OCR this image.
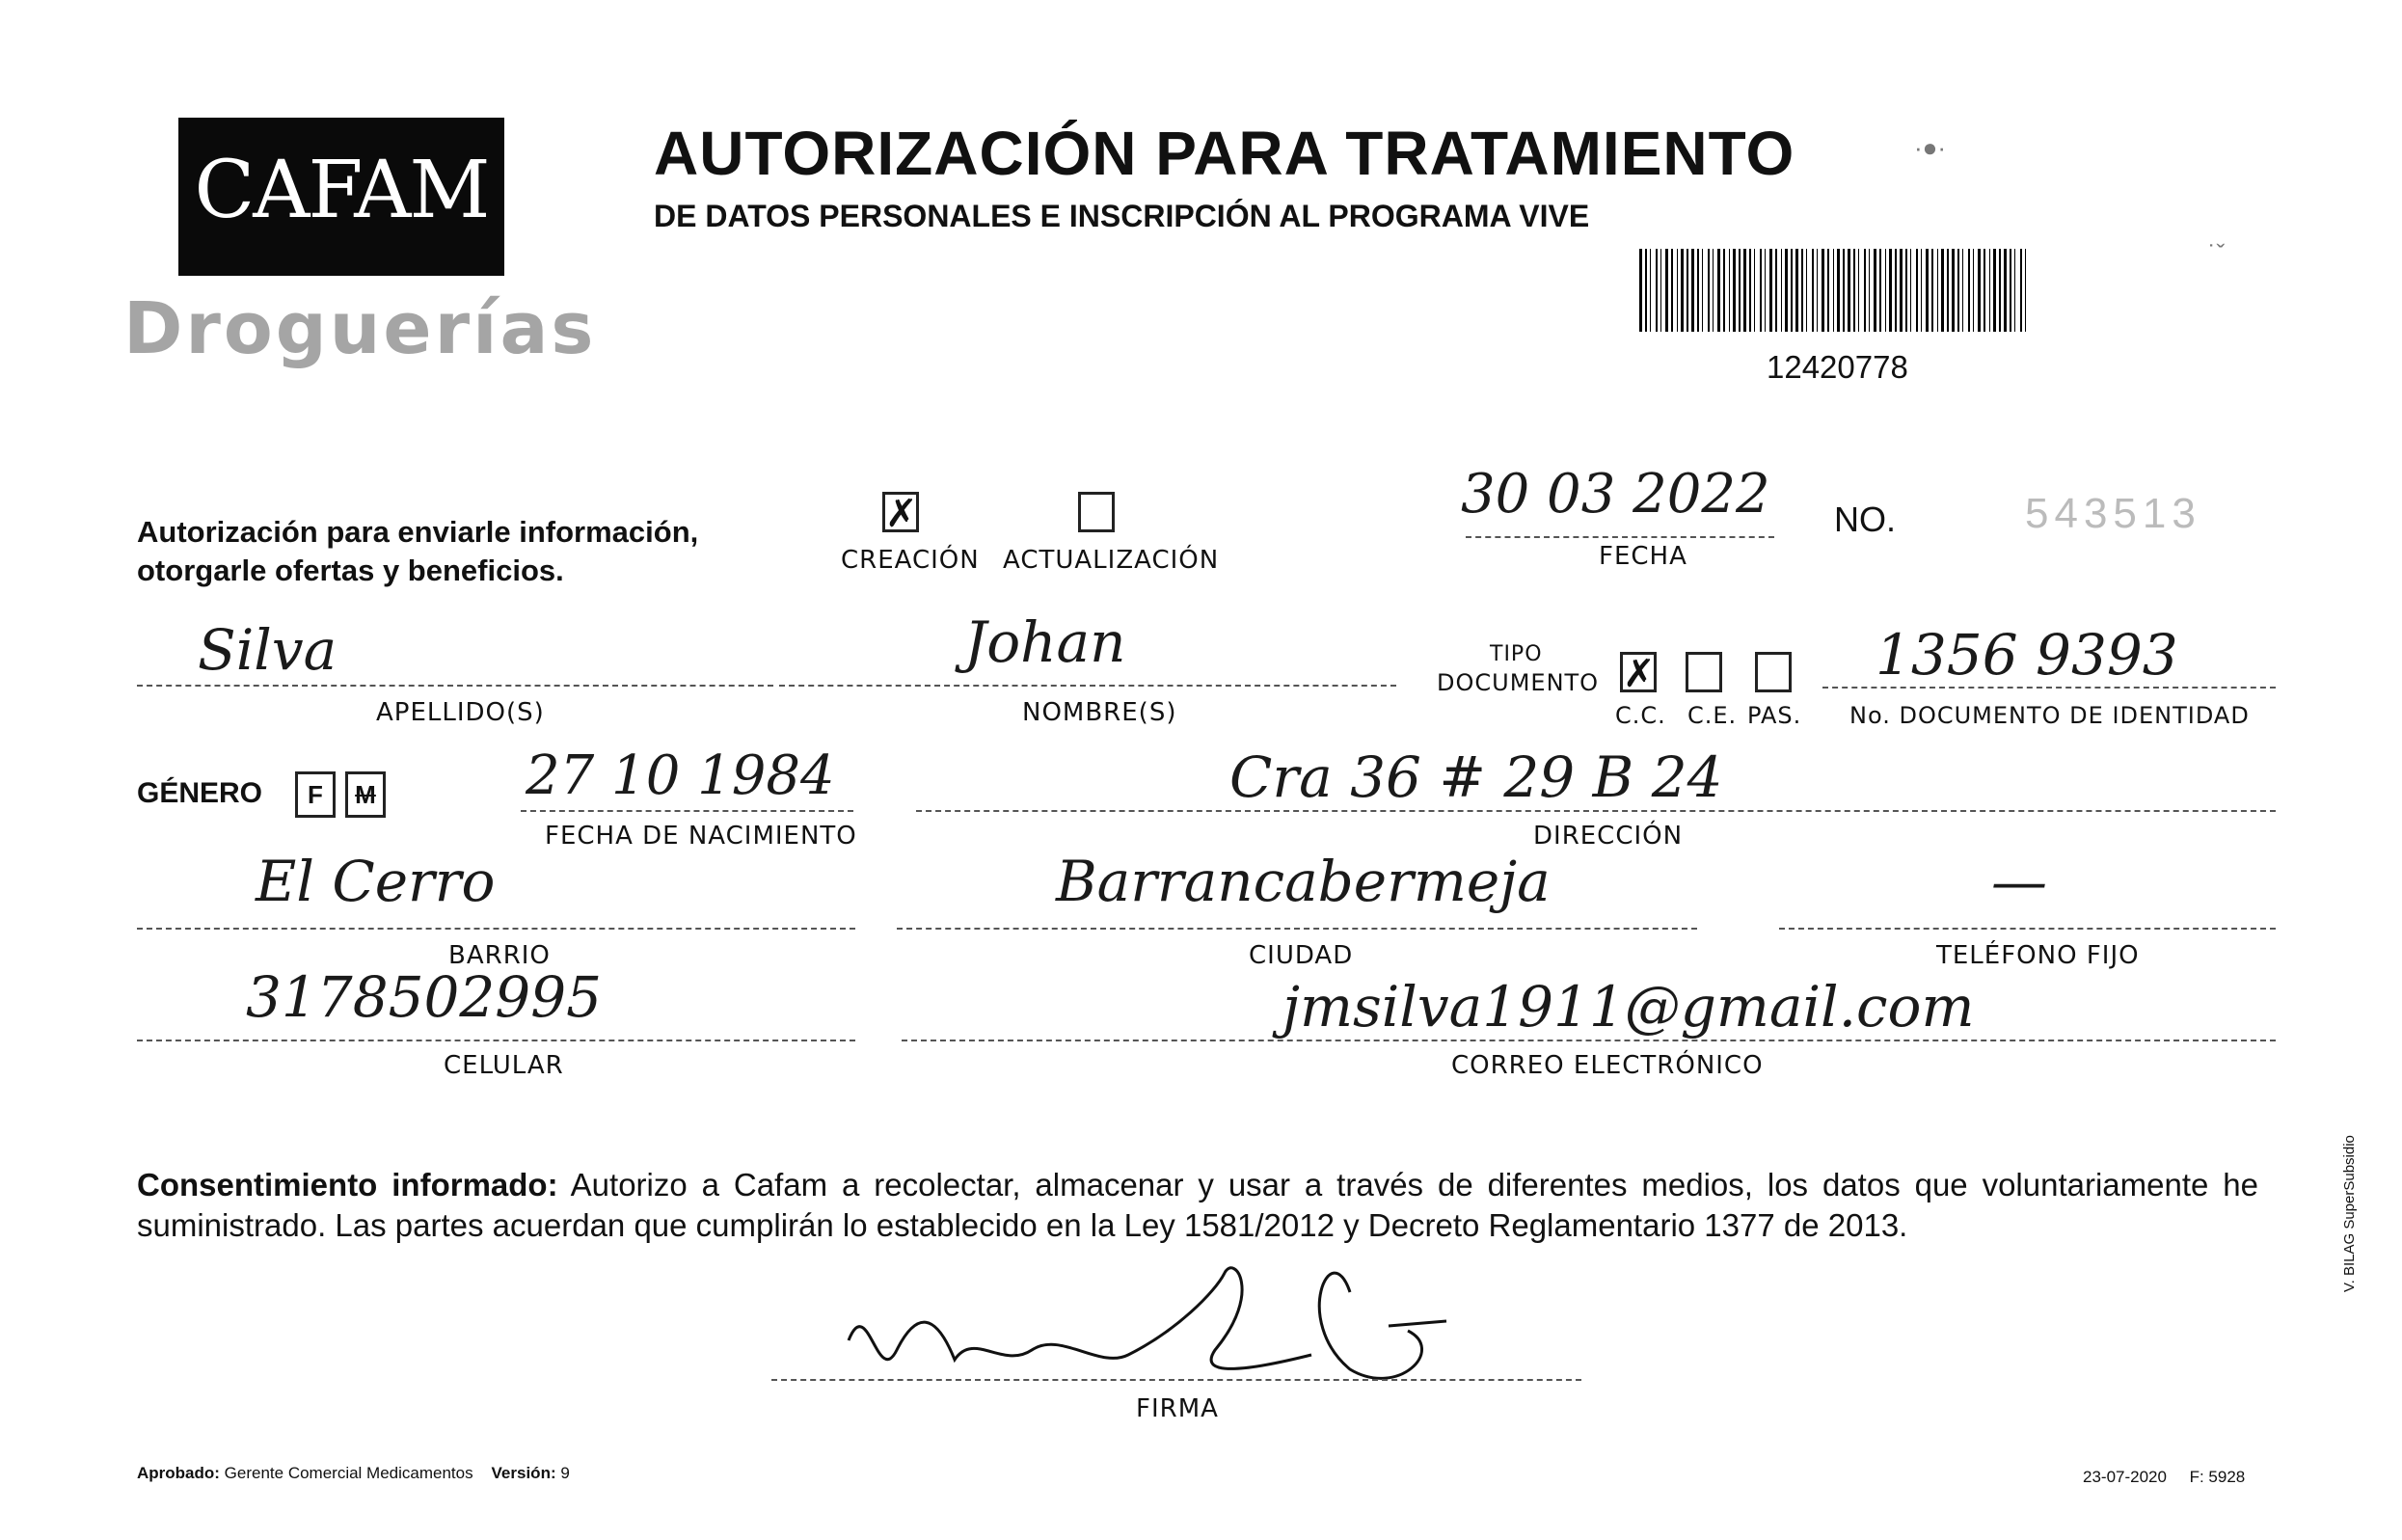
CAFAM
Droguerías
AUTORIZACIÓN PARA TRATAMIENTO	·●·
˙ˇ
DE DATOS PERSONALES E INSCRIPCIÓN AL PROGRAMA VIVE
12420778
Autorización para enviarle información,
otorgarle ofertas y beneficios.
✗
CREACIÓN ACTUALIZACIÓN
30 03 2022
FECHA
NO.	543513
Silva
APELLIDO(S)
Johan
NOMBRE(S)
TIPO
DOCUMENTO ✗
C.C. C.E. PAS.
1356 9393
No. DOCUMENTO DE IDENTIDAD
GÉNERO	F	M	27 10 1984
FECHA DE NACIMIENTO
Cra 36 # 29 B 24
DIRECCIÓN
El Cerro
BARRIO
Barrancabermeja
CIUDAD
—
TELÉFONO FIJO
3178502995
CELULAR
jmsilva1911@gmail.com
CORREO ELECTRÓNICO
Consentimiento informado: Autorizo a Cafam a recolectar, almacenar y usar a través de diferentes medios, los datos que voluntariamente he suministrado. Las partes acuerdan que cumplirán lo establecido en la Ley 1581/2012 y Decreto Reglamentario 1377 de 2013.
FIRMA
Aprobado: Gerente Comercial Medicamentos Versión: 9	23-07-2020 F: 5928
V. BILAG SuperSubsidio
